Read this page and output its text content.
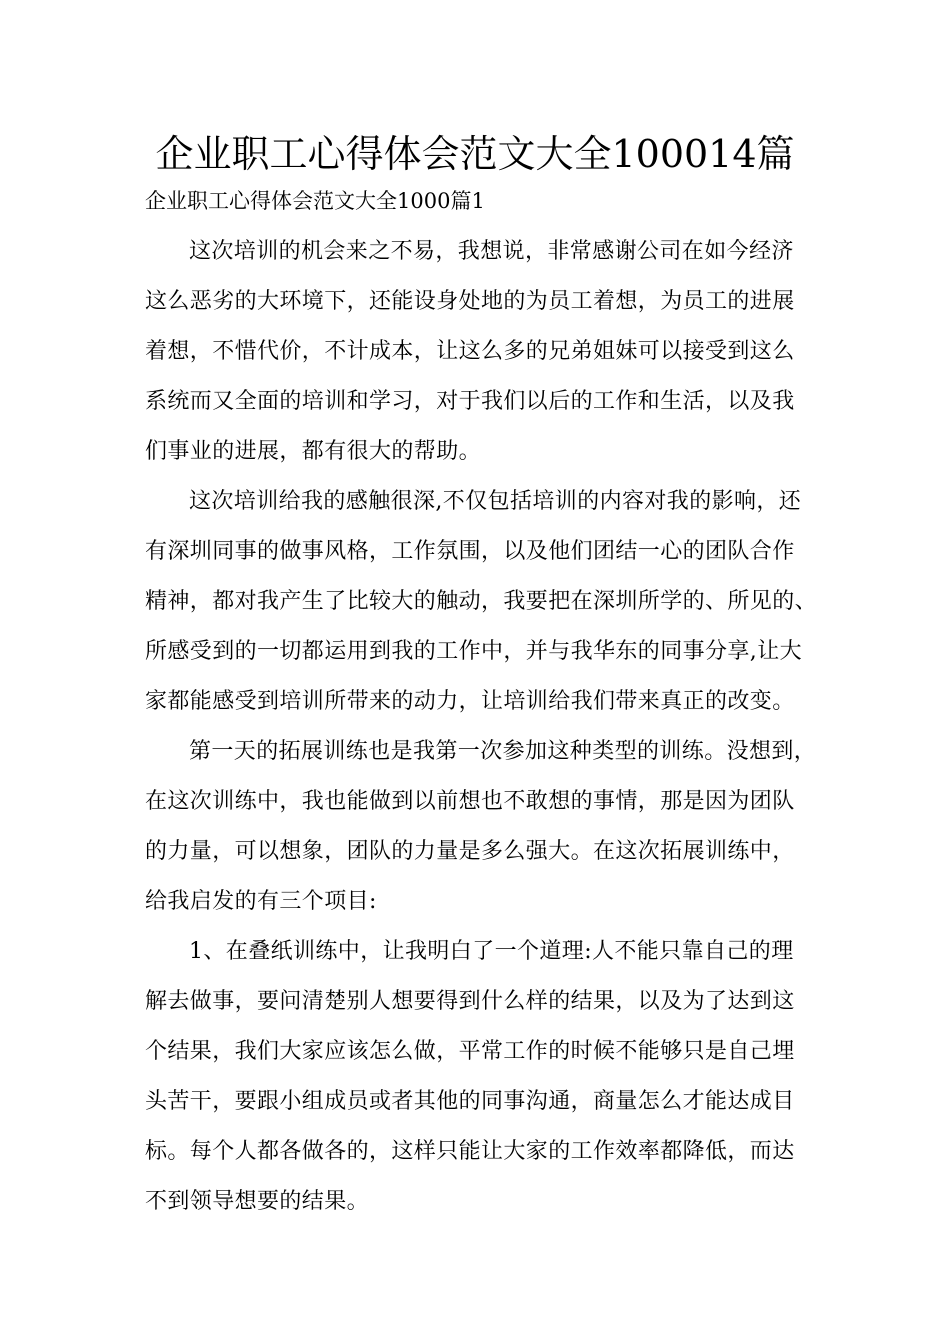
企业职工心得体会范文大全100014篇

企业职工心得体会范文大全1000篇1

这次培训的机会来之不易，我想说，非常感谢公司在如今经济

这么恶劣的大环境下，还能设身处地的为员工着想，为员工的进展

着想，不惜代价，不计成本，让这么多的兄弟姐妹可以接受到这么

系统而又全面的培训和学习，对于我们以后的工作和生活，以及我

们事业的进展，都有很大的帮助。

这次培训给我的感触很深,不仅包括培训的内容对我的影响，还

有深圳同事的做事风格，工作氛围，以及他们团结一心的团队合作

精神，都对我产生了比较大的触动，我要把在深圳所学的、所见的、

所感受到的一切都运用到我的工作中，并与我华东的同事分享,让大

家都能感受到培训所带来的动力，让培训给我们带来真正的改变。

第一天的拓展训练也是我第一次参加这种类型的训练。没想到，

在这次训练中，我也能做到以前想也不敢想的事情，那是因为团队

的力量，可以想象，团队的力量是多么强大。在这次拓展训练中，

给我启发的有三个项目:

1、在叠纸训练中，让我明白了一个道理:人不能只靠自己的理

解去做事，要问清楚别人想要得到什么样的结果，以及为了达到这

个结果，我们大家应该怎么做，平常工作的时候不能够只是自己埋

头苦干，要跟小组成员或者其他的同事沟通，商量怎么才能达成目

标。每个人都各做各的，这样只能让大家的工作效率都降低，而达

不到领导想要的结果。
